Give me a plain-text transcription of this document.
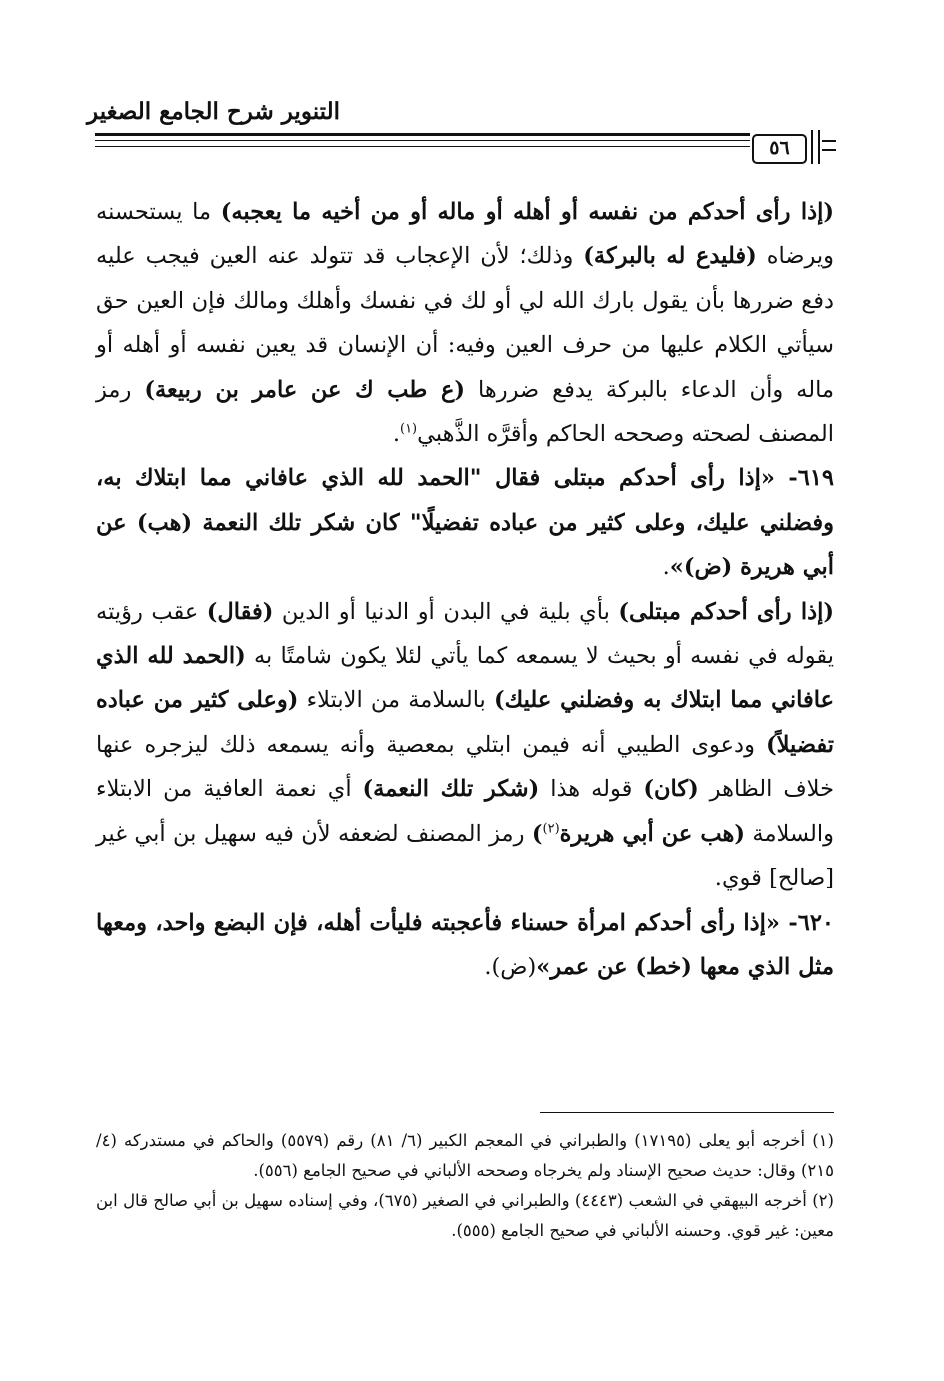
التنوير شرح الجامع الصغير
٥٦

(إذا رأى أحدكم من نفسه أو أهله أو ماله أو من أخيه ما يعجبه) ما يستحسنه ويرضاه (فليدع له بالبركة) وذلك؛ لأن الإعجاب قد تتولد عنه العين فيجب عليه دفع ضررها بأن يقول بارك الله لي أو لك في نفسك وأهلك ومالك فإن العين حق سيأتي الكلام عليها من حرف العين وفيه: أن الإنسان قد يعين نفسه أو أهله أو ماله وأن الدعاء بالبركة يدفع ضررها (ع طب ك عن عامر بن ربيعة) رمز المصنف لصحته وصححه الحاكم وأقرَّه الذَّهبي$^{(١)}$.

٦١٩- «إذا رأى أحدكم مبتلى فقال "الحمد لله الذي عافاني مما ابتلاك به، وفضلني عليك، وعلى كثير من عباده تفضيلًا" كان شكر تلك النعمة (هب) عن أبي هريرة (ض)».

(إذا رأى أحدكم مبتلى) بأي بلية في البدن أو الدنيا أو الدين (فقال) عقب رؤيته يقوله في نفسه أو بحيث لا يسمعه كما يأتي لئلا يكون شامتًا به (الحمد لله الذي عافاني مما ابتلاك به وفضلني عليك) بالسلامة من الابتلاء (وعلى كثير من عباده تفضيلاً) ودعوى الطيبي أنه فيمن ابتلي بمعصية وأنه يسمعه ذلك ليزجره عنها خلاف الظاهر (كان) قوله هذا (شكر تلك النعمة) أي نعمة العافية من الابتلاء والسلامة (هب عن أبي هريرة$^{(٢)}$) رمز المصنف لضعفه لأن فيه سهيل بن أبي غير [صالح] قوي.

٦٢٠- «إذا رأى أحدكم امرأة حسناء فأعجبته فليأت أهله، فإن البضع واحد، ومعها مثل الذي معها (خط) عن عمر»(ض).

(١) أخرجه أبو يعلى (١٧١٩٥) والطبراني في المعجم الكبير (٦/ ٨١) رقم (٥٥٧٩) والحاكم في مستدركه (٤/ ٢١٥) وقال: حديث صحيح الإسناد ولم يخرجاه وصححه الألباني في صحيح الجامع (٥٥٦).

(٢) أخرجه البيهقي في الشعب (٤٤٤٣) والطبراني في الصغير (٦٧٥)، وفي إسناده سهيل بن أبي صالح قال ابن معين: غير قوي. وحسنه الألباني في صحيح الجامع (٥٥٥).
